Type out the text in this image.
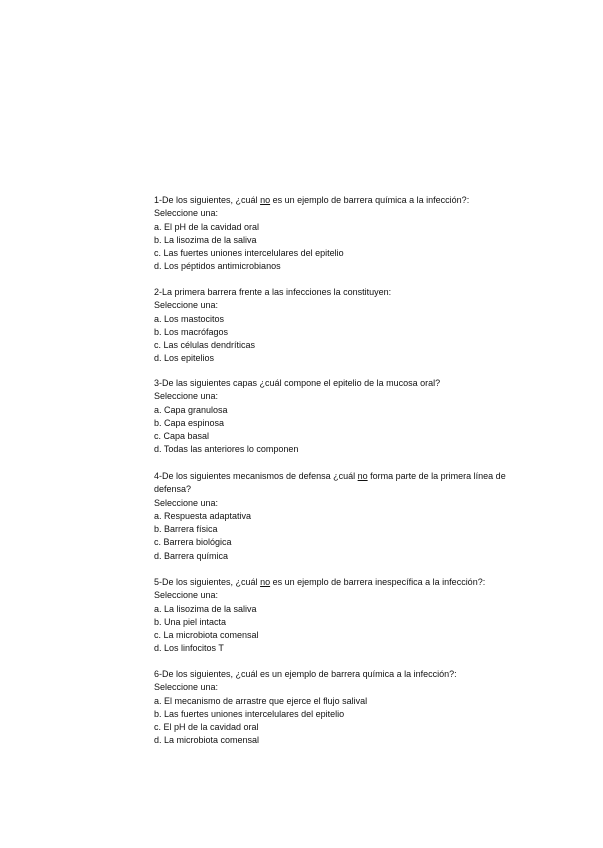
1-De los siguientes, ¿cuál no es un ejemplo de barrera química a la infección?:
Seleccione una:
a. El pH de la cavidad oral
b. La lisozima de la saliva
c. Las fuertes uniones intercelulares del epitelio
d. Los péptidos antimicrobianos
2-La primera barrera frente a las infecciones la constituyen:
Seleccione una:
a. Los mastocitos
b. Los macrófagos
c. Las células dendríticas
d. Los epitelios
3-De las siguientes capas ¿cuál compone el epitelio de la mucosa oral?
Seleccione una:
a. Capa granulosa
b. Capa espinosa
c. Capa basal
d. Todas las anteriores lo componen
4-De los siguientes mecanismos de defensa ¿cuál no forma parte de la primera línea de defensa?
Seleccione una:
a. Respuesta adaptativa
b. Barrera física
c. Barrera biológica
d. Barrera química
5-De los siguientes, ¿cuál no es un ejemplo de barrera inespecífica a la infección?:
Seleccione una:
a. La lisozima de la saliva
b. Una piel intacta
c. La microbiota comensal
d. Los linfocitos T
6-De los siguientes, ¿cuál es un ejemplo de barrera química a la infección?:
Seleccione una:
a. El mecanismo de arrastre que ejerce el flujo salival
b. Las fuertes uniones intercelulares del epitelio
c. El pH de la cavidad oral
d. La microbiota comensal
